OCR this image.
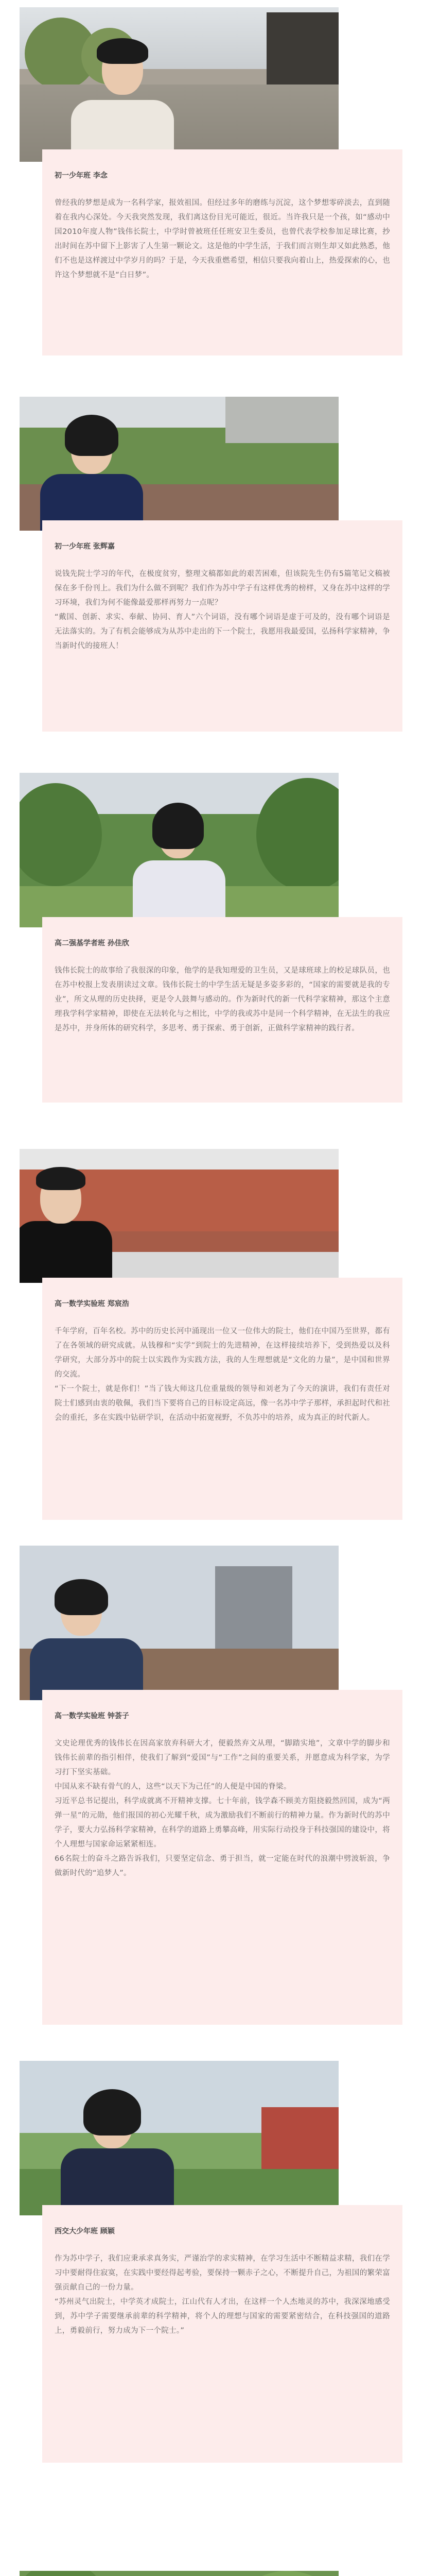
初一少年班 李念

曾经我的梦想是成为一名科学家，报效祖国。但经过多年的磨练与沉淀，这个梦想零碎淡去，直到随着在我内心深处。今天我突然发现，我们离这份目光可能近，很近。当许我只是一个孩，如“感动中国2010年度人物”钱伟长院士，中学时曾被班任任班安卫生委员，也曾代表学校参加足球比赛，抄出时间在苏中留下上影害了人生第一颗论文。这是他的中学生活，于我们而言则生却又如此熟悉，他们不也是这样渡过中学岁月的吗？于是，今天我重燃希望，相信只要我向着山上，热爱探索的心，也许这个梦想就不是“白日梦”。

初一少年班 张辉嘉

说钱先院士学习的年代，在极度贫穷，整理文稿都如此的艰苦困难，但该院先生仍有5篇笔记文稿被保在多千份刊上。我们为什么做不到呢？我们作为苏中学子有这样优秀的榜样，又身在苏中这样的学习环境，我们为何不能像最爱那样再努力一点呢？

“戴国、创新、求实、奉献、协同、育人”六个词语，没有哪个词语是虚于可及的，没有哪个词语是无法落实的。为了有机会能够成为从苏中走出的下一个院士，我愿用我最爱国，弘扬科学家精神，争当新时代的接班人！

高二强基学者班 孙佳欣

钱伟长院士的故事给了我很深的印象，他学的是我知理爱的卫生员，又是球班球上的校足球队员，也在苏中校报上发表朋读过文章。钱伟长院士的中学生活无疑是多姿多彩的，“国家的需要就是我的专业”，所文从理的历史抉择，更是令人鼓舞与感动的。作为新时代的新一代科学家精神，那这个主意理我学科学家精神，即使在无法转化与之相比，中学的我或苏中是同一个科学精神，在无法生的我应是苏中，并身所体的研究科学，多思考、勇于探索、勇于创新，正做科学家精神的践行者。

高一数学实验班 郑宸浩

千年学府，百年名校。苏中的历史长河中涌现出一位又一位伟大的院士，他们在中国乃至世界，都有了在各领域的研究成就。从钱穆和“实学”到院士的先进精神，在这样接续培养下，受到热爱以及科学研究，大部分苏中的院士以实践作为实践方法，我的人生理想就是“文化的力量”，是中国和世界的交流。

“下一个院士，就是你们！”当了钱大师这几位重量级的领导和刘老为了今天的演讲，我们有责任对院士们感到由衷的敬佩，我们当下要将自己的目标设定高远，像一名苏中学子那样，承担起时代和社会的重托，多在实践中钻研学识，在活动中拓宽视野，不负苏中的培养，成为真正的时代新人。

高一数学实验班 钟荟子

文史论理优秀的钱伟长在因高家放弃科研大才，便毅然弃文从理，“脚踏实地”，文章中学的脚步和钱伟长前辈的指引相伴，使我们了解到“爱国”与“工作”之间的重要关系，并愿意成为科学家，为学习打下坚实基础。

中国从来不缺有骨气的人，这些“以天下为己任”的人便是中国的脊梁。

习近平总书记提出，科学成就离不开精神支撑。七十年前，钱学森不顾美方阻挠毅然回国，成为“两弹一星”的元勋，他们报国的初心光耀千秋，成为激励我们不断前行的精神力量。作为新时代的苏中学子，要大力弘扬科学家精神，在科学的道路上勇攀高峰，用实际行动投身于科技强国的建设中，将个人理想与国家命运紧紧相连。

66名院士的奋斗之路告诉我们，只要坚定信念、勇于担当，就一定能在时代的浪潮中劈波斩浪，争做新时代的“追梦人”。

西交大少年班 顾颖

作为苏中学子，我们应秉承求真务实，严谨治学的求实精神，在学习生活中不断精益求精，我们在学习中要耐得住寂寞，在实践中要经得起考验，要保持一颗赤子之心，不断提升自己，为祖国的繁荣富强贡献自己的一份力量。

“苏州灵气出院士，中学英才成院士，江山代有人才出，在这样一个人杰地灵的苏中，我深深地感受到，苏中学子需要继承前辈的科学精神，将个人的理想与国家的需要紧密结合，在科技强国的道路上，勇毅前行，努力成为下一个院士。”
